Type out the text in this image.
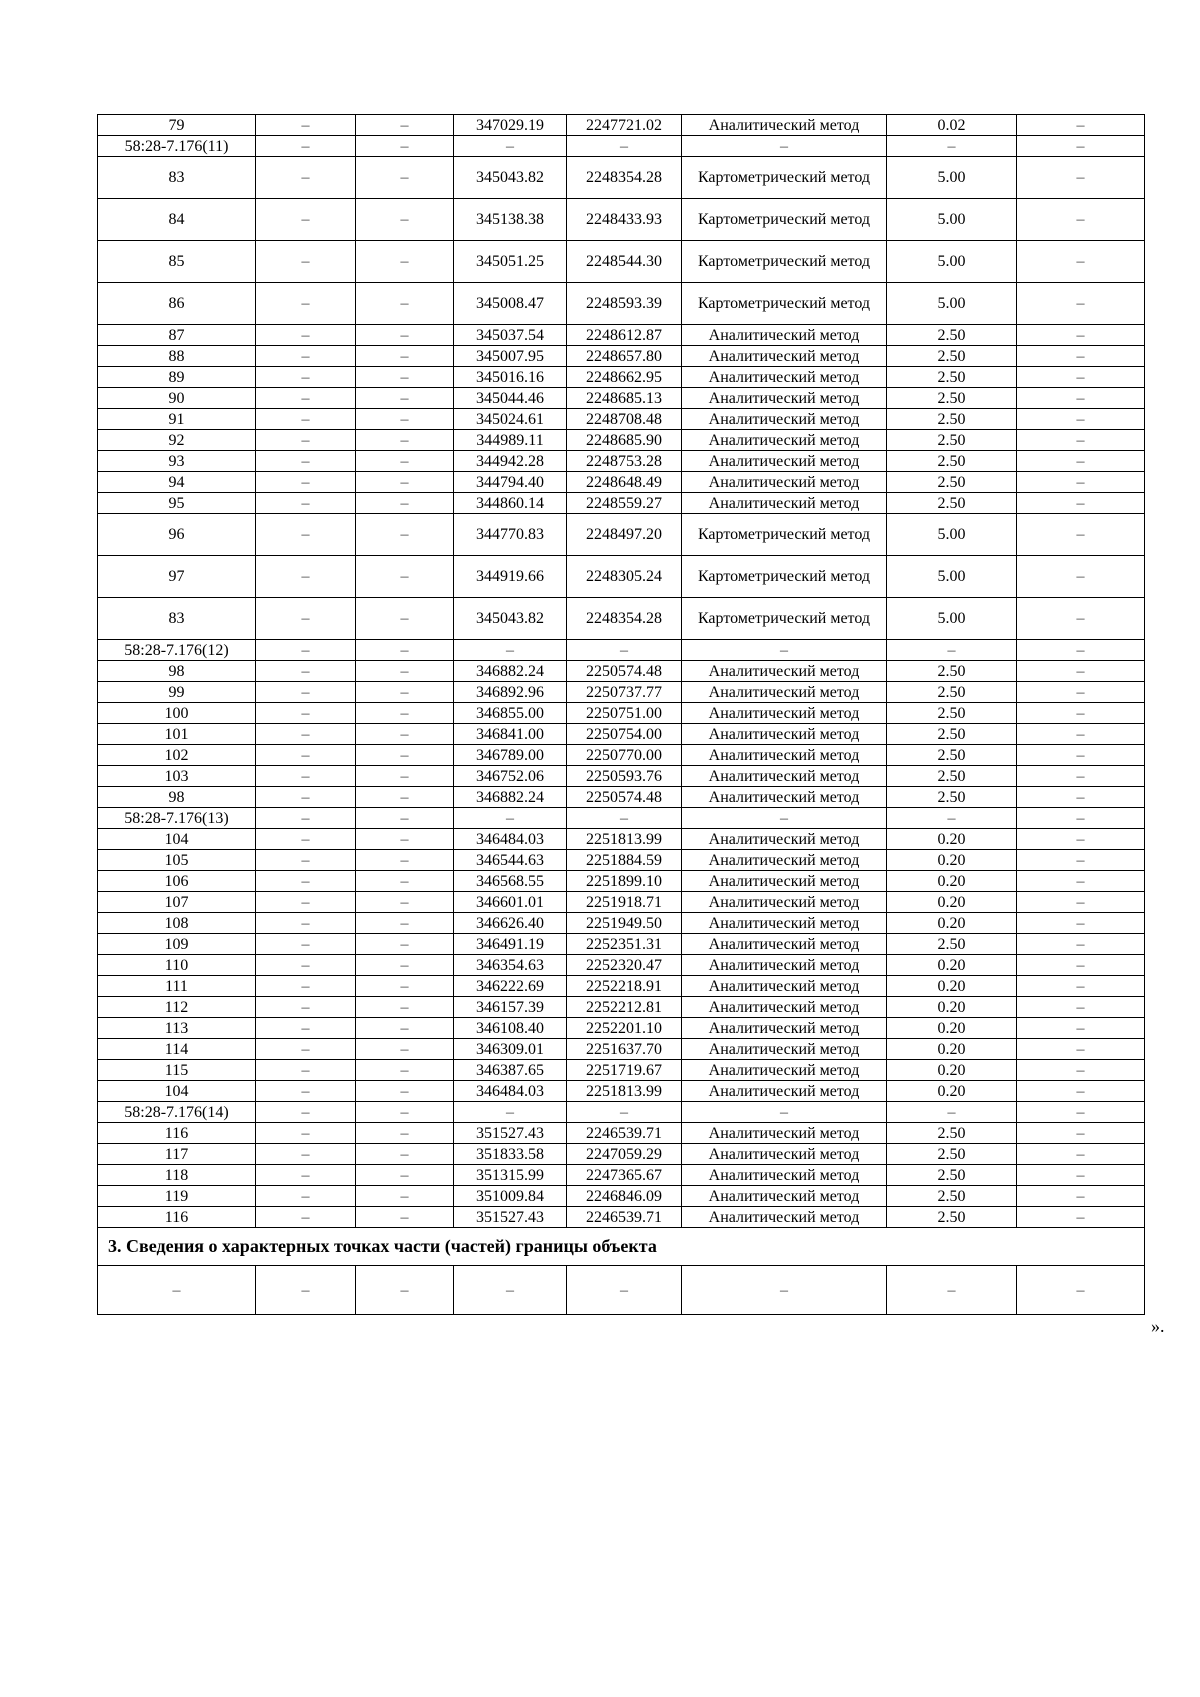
79	–	–	347029.19	2247721.02	Аналитический метод	0.02	–
58:28-7.176(11)	–	–	–	–	–	–	–
83	–	–	345043.82	2248354.28	Картометрический метод	5.00	–
84	–	–	345138.38	2248433.93	Картометрический метод	5.00	–
85	–	–	345051.25	2248544.30	Картометрический метод	5.00	–
86	–	–	345008.47	2248593.39	Картометрический метод	5.00	–
87	–	–	345037.54	2248612.87	Аналитический метод	2.50	–
88	–	–	345007.95	2248657.80	Аналитический метод	2.50	–
89	–	–	345016.16	2248662.95	Аналитический метод	2.50	–
90	–	–	345044.46	2248685.13	Аналитический метод	2.50	–
91	–	–	345024.61	2248708.48	Аналитический метод	2.50	–
92	–	–	344989.11	2248685.90	Аналитический метод	2.50	–
93	–	–	344942.28	2248753.28	Аналитический метод	2.50	–
94	–	–	344794.40	2248648.49	Аналитический метод	2.50	–
95	–	–	344860.14	2248559.27	Аналитический метод	2.50	–
96	–	–	344770.83	2248497.20	Картометрический метод	5.00	–
97	–	–	344919.66	2248305.24	Картометрический метод	5.00	–
83	–	–	345043.82	2248354.28	Картометрический метод	5.00	–
58:28-7.176(12)	–	–	–	–	–	–	–
98	–	–	346882.24	2250574.48	Аналитический метод	2.50	–
99	–	–	346892.96	2250737.77	Аналитический метод	2.50	–
100	–	–	346855.00	2250751.00	Аналитический метод	2.50	–
101	–	–	346841.00	2250754.00	Аналитический метод	2.50	–
102	–	–	346789.00	2250770.00	Аналитический метод	2.50	–
103	–	–	346752.06	2250593.76	Аналитический метод	2.50	–
98	–	–	346882.24	2250574.48	Аналитический метод	2.50	–
58:28-7.176(13)	–	–	–	–	–	–	–
104	–	–	346484.03	2251813.99	Аналитический метод	0.20	–
105	–	–	346544.63	2251884.59	Аналитический метод	0.20	–
106	–	–	346568.55	2251899.10	Аналитический метод	0.20	–
107	–	–	346601.01	2251918.71	Аналитический метод	0.20	–
108	–	–	346626.40	2251949.50	Аналитический метод	0.20	–
109	–	–	346491.19	2252351.31	Аналитический метод	2.50	–
110	–	–	346354.63	2252320.47	Аналитический метод	0.20	–
111	–	–	346222.69	2252218.91	Аналитический метод	0.20	–
112	–	–	346157.39	2252212.81	Аналитический метод	0.20	–
113	–	–	346108.40	2252201.10	Аналитический метод	0.20	–
114	–	–	346309.01	2251637.70	Аналитический метод	0.20	–
115	–	–	346387.65	2251719.67	Аналитический метод	0.20	–
104	–	–	346484.03	2251813.99	Аналитический метод	0.20	–
58:28-7.176(14)	–	–	–	–	–	–	–
116	–	–	351527.43	2246539.71	Аналитический метод	2.50	–
117	–	–	351833.58	2247059.29	Аналитический метод	2.50	–
118	–	–	351315.99	2247365.67	Аналитический метод	2.50	–
119	–	–	351009.84	2246846.09	Аналитический метод	2.50	–
116	–	–	351527.43	2246539.71	Аналитический метод	2.50	–
3. Сведения о характерных точках части (частей) границы объекта							
–	–	–	–	–	–	–	–
».
